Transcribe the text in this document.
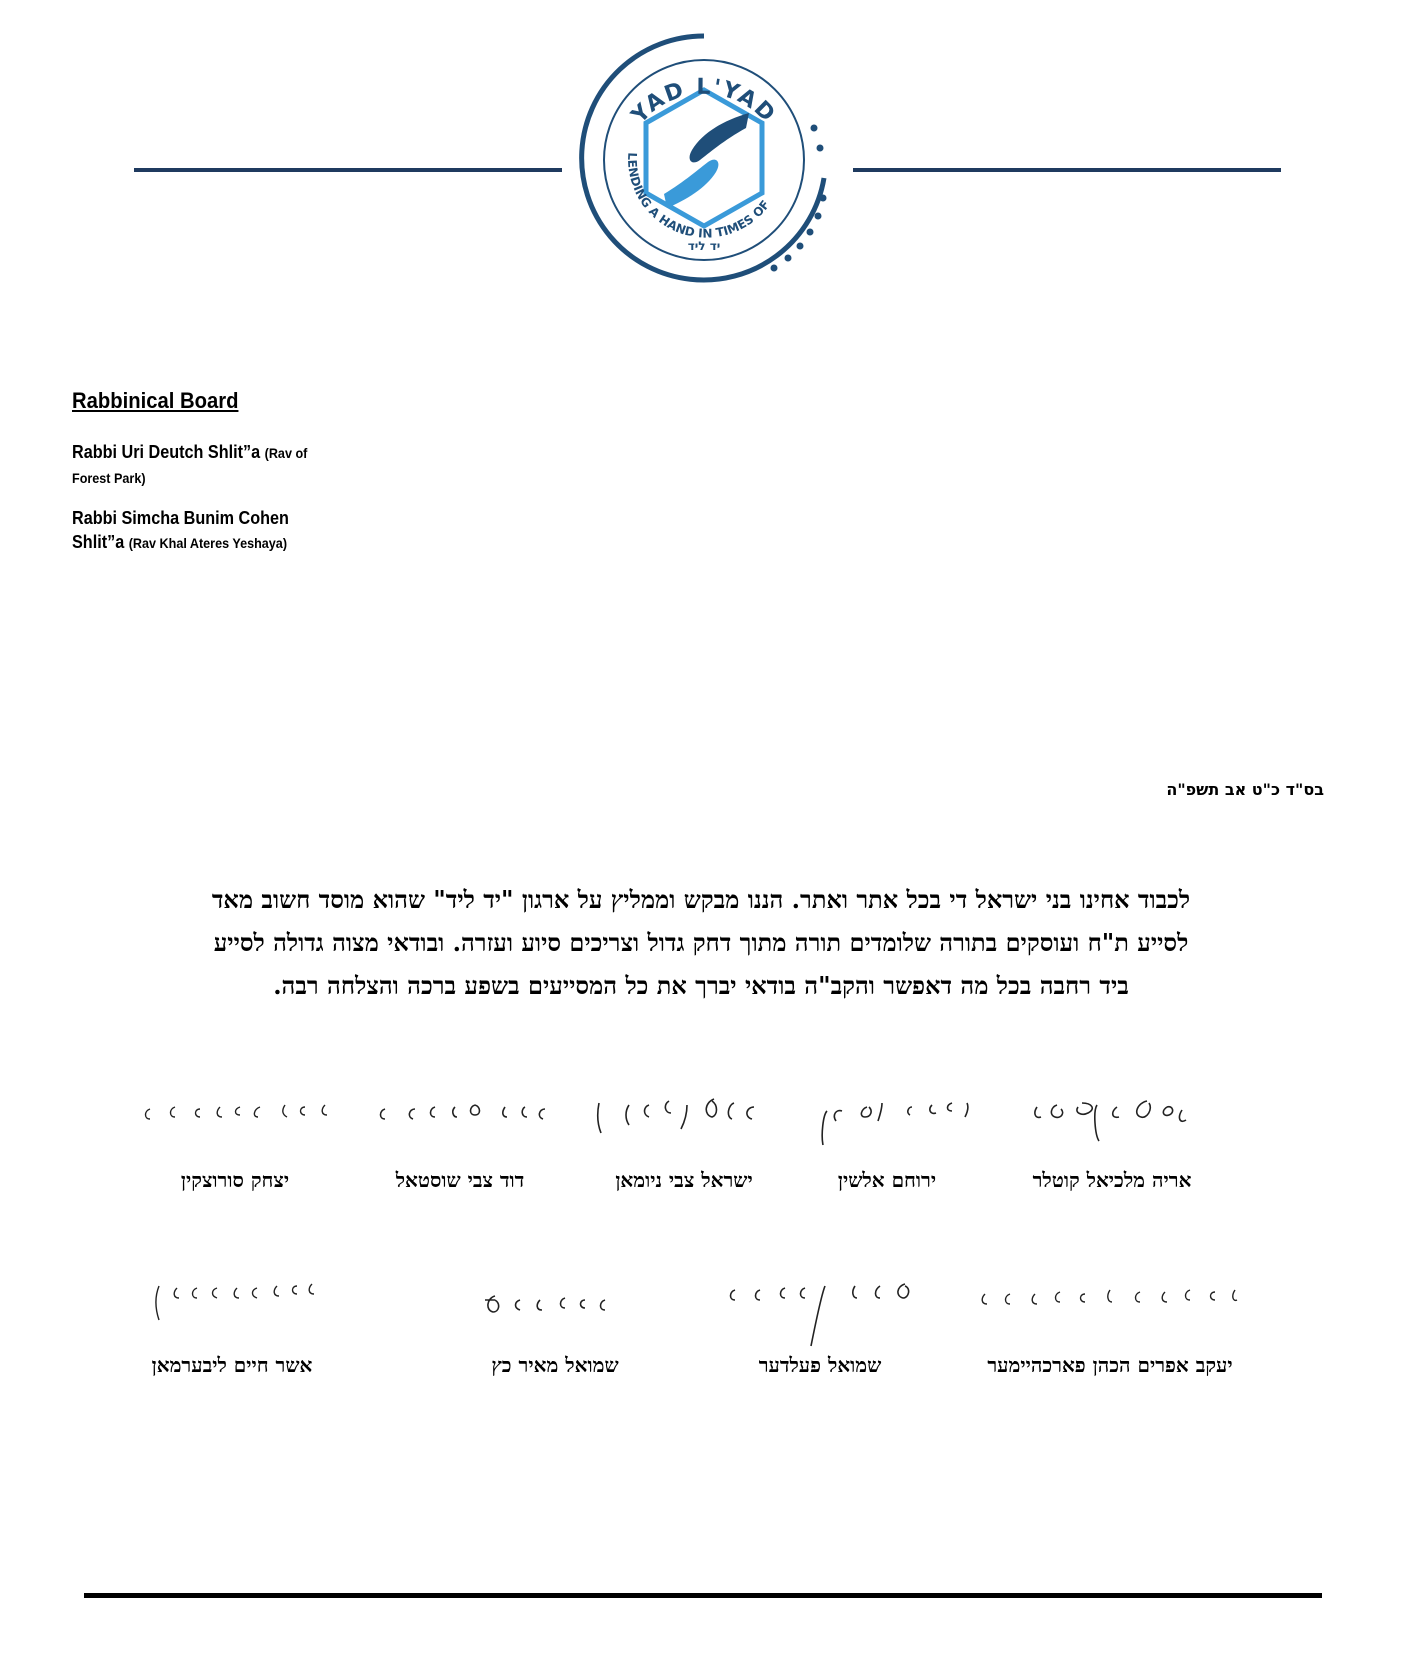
YAD L'YAD
LENDING A HAND IN TIMES OF
יד ליד
Rabbinical Board
Rabbi Uri Deutch Shlit”a (Rav of Forest Park)
Rabbi Simcha Bunim Cohen Shlit”a (Rav Khal Ateres Yeshaya)
בס"ד כ"ט אב תשפ"ה
לכבוד אחינו בני ישראל די בכל אתר ואתר. הננו מבקש וממליץ על ארגון "יד ליד" שהוא מוסד חשוב מאד
לסייע ת"ח ועוסקים בתורה שלומדים תורה מתוך דחק גדול וצריכים סיוע ועזרה. ובודאי מצוה גדולה לסייע
ביד רחבה בכל מה דאפשר והקב"ה בודאי יברך את כל המסייעים בשפע ברכה והצלחה רבה.
אריה מלכיאל קוטלר
ירוחם אלשין
ישראל צבי ניומאן
דוד צבי שוסטאל
יצחק סורוצקין
יעקב אפרים הכהן פארכהיימער
שמואל פעלדער
שמואל מאיר כץ
אשר חיים ליבערמאן
